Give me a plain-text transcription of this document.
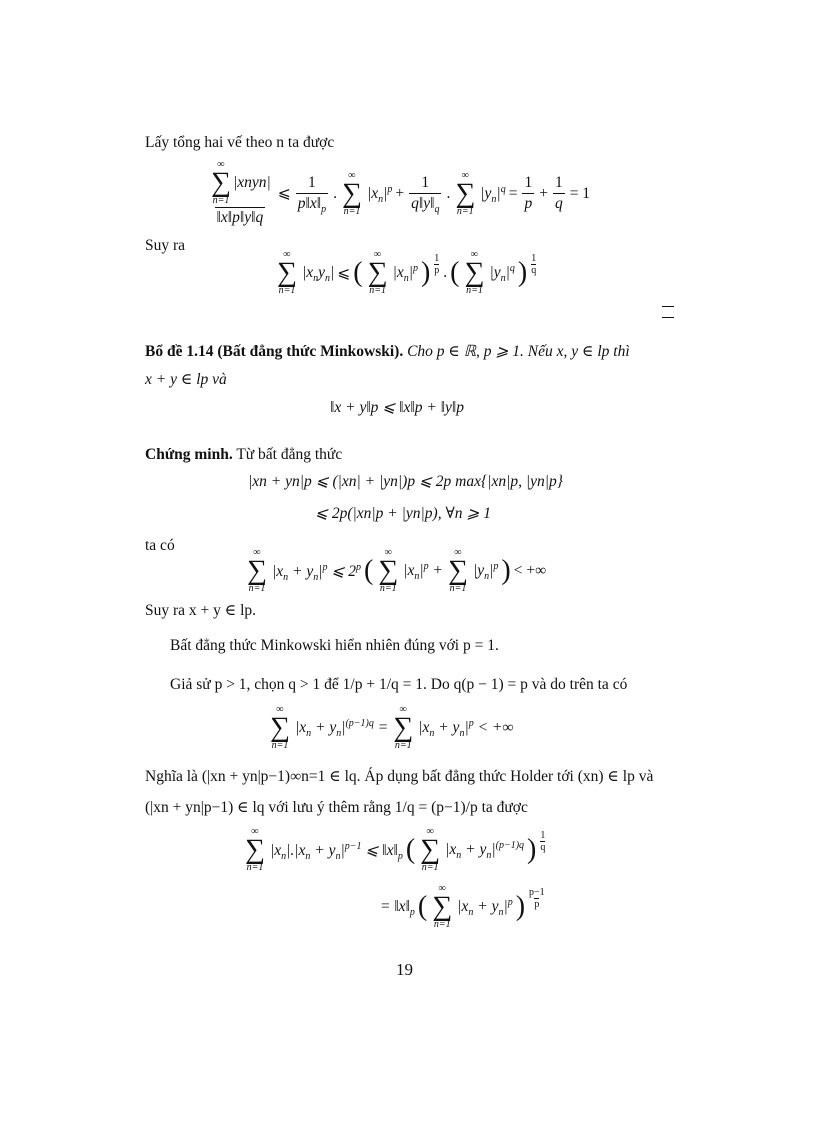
Lấy tổng hai vế theo n ta được
∞
∑
n=1
|xnyn|
‖x‖p‖y‖q ⩽ $\frac{1}{p‖x‖_p}$ .
∞
∑
n=1
$|x_n|^p + \frac{1}{q‖y‖_q}$ .
∞
∑
n=1
$|y_n|^q = \frac{1}{p} + \frac{1}{q} = 1$
Suy ra
∞
∑
n=1
$|x_ny_n|$ ⩽ (
∞
∑
n=1
$|x_n|^p$ ) 1
p . (
∞
∑
n=1
$|y_n|^q$ ) 1
q
Bổ đề 1.14 (Bất đẳng thức Minkowski). Cho p ∈ ℝ, p ⩾ 1. Nếu x, y ∈ lp thì
x + y ∈ lp và
‖x + y‖p ⩽ ‖x‖p + ‖y‖p
Chứng minh. Từ bất đẳng thức
|xn + yn|p ⩽ (|xn| + |yn|)p ⩽ 2p max{|xn|p, |yn|p}
⩽ 2p(|xn|p + |yn|p), ∀n ⩾ 1
ta có	∞
∑
n=1
$|x_n + y_n|^p$ ⩽ 2$^p$ (
∞
∑
n=1
$|x_n|^p$ +
∞
∑
n=1
$|y_n|^p$ ) < +∞
Suy ra x + y ∈ lp.
Bất đẳng thức Minkowski hiển nhiên đúng với p = 1.
Giả sử p > 1, chọn q > 1 để 1/p + 1/q = 1. Do q(p − 1) = p và do trên ta có
∞
∑
n=1
$|x_n + y_n|^{(p-1)q}$ =
∞
∑
n=1
$|x_n + y_n|^p$ < +∞
Nghĩa là (|xn + yn|p−1)∞n=1 ∈ lq. Áp dụng bất đẳng thức Holder tới (xn) ∈ lp và
(|xn + yn|p−1) ∈ lq với lưu ý thêm rằng 1/q = (p−1)/p ta được
∞
∑
n=1
$|x_n|.|x_n + y_n|^{p-1}$ ⩽ $‖x‖_p$ (
∞
∑
n=1
$|x_n + y_n|^{(p-1)q}$ ) 1
q
= $‖x‖_p$ (
∞
∑
n=1
$|x_n + y_n|^p$ ) p−1
p
19
